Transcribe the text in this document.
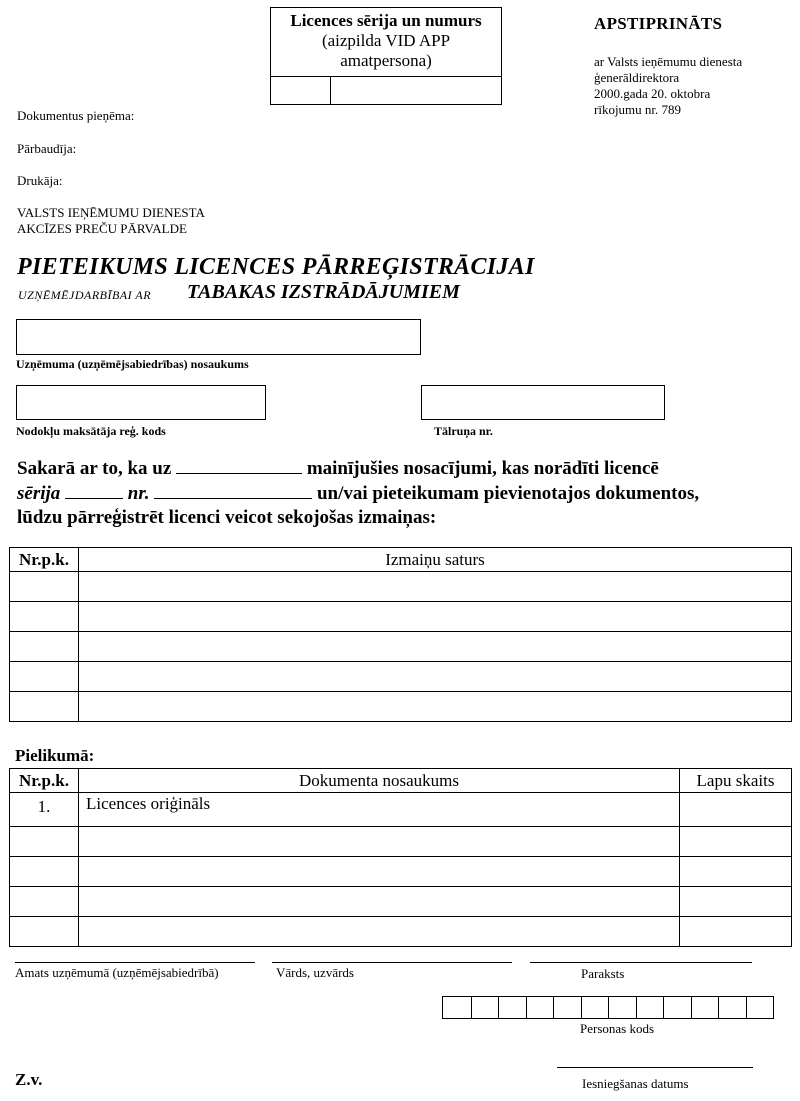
Licences sērija un numurs
(aizpilda VID APP
amatpersona)
APSTIPRINĀTS
ar Valsts ieņēmumu dienesta
ģenerāldirektora
2000.gada 20. oktobra
rīkojumu nr. 789
Dokumentus pieņēma:
Pārbaudīja:
Drukāja:
VALSTS IEŅĒMUMU DIENESTA
AKCĪZES PREČU PĀRVALDE
PIETEIKUMS LICENCES PĀRREĢISTRĀCIJAI
UZŅĒMĒJDARBĪBAI AR TABAKAS IZSTRĀDĀJUMIEM
Uzņēmuma (uzņēmējsabiedrības) nosaukums
Nodokļu maksātāja reģ. kods	Tālruņa nr.
Sakarā ar to, ka uz	mainījušies nosacījumi, kas norādīti licencē
sērija	nr.	un/vai pieteikumam pievienotajos dokumentos,
lūdzu pārreģistrēt licenci veicot sekojošas izmaiņas:
Nr.p.k.	Izmaiņu saturs

Pielikumā:
Nr.p.k.	Dokumenta nosaukums	Lapu skaits
1.	Licences oriģināls	

Amats uzņēmumā (uzņēmējsabiedrībā)	Vārds, uzvārds	Paraksts
Personas kods
Iesniegšanas datums
Z.v.
